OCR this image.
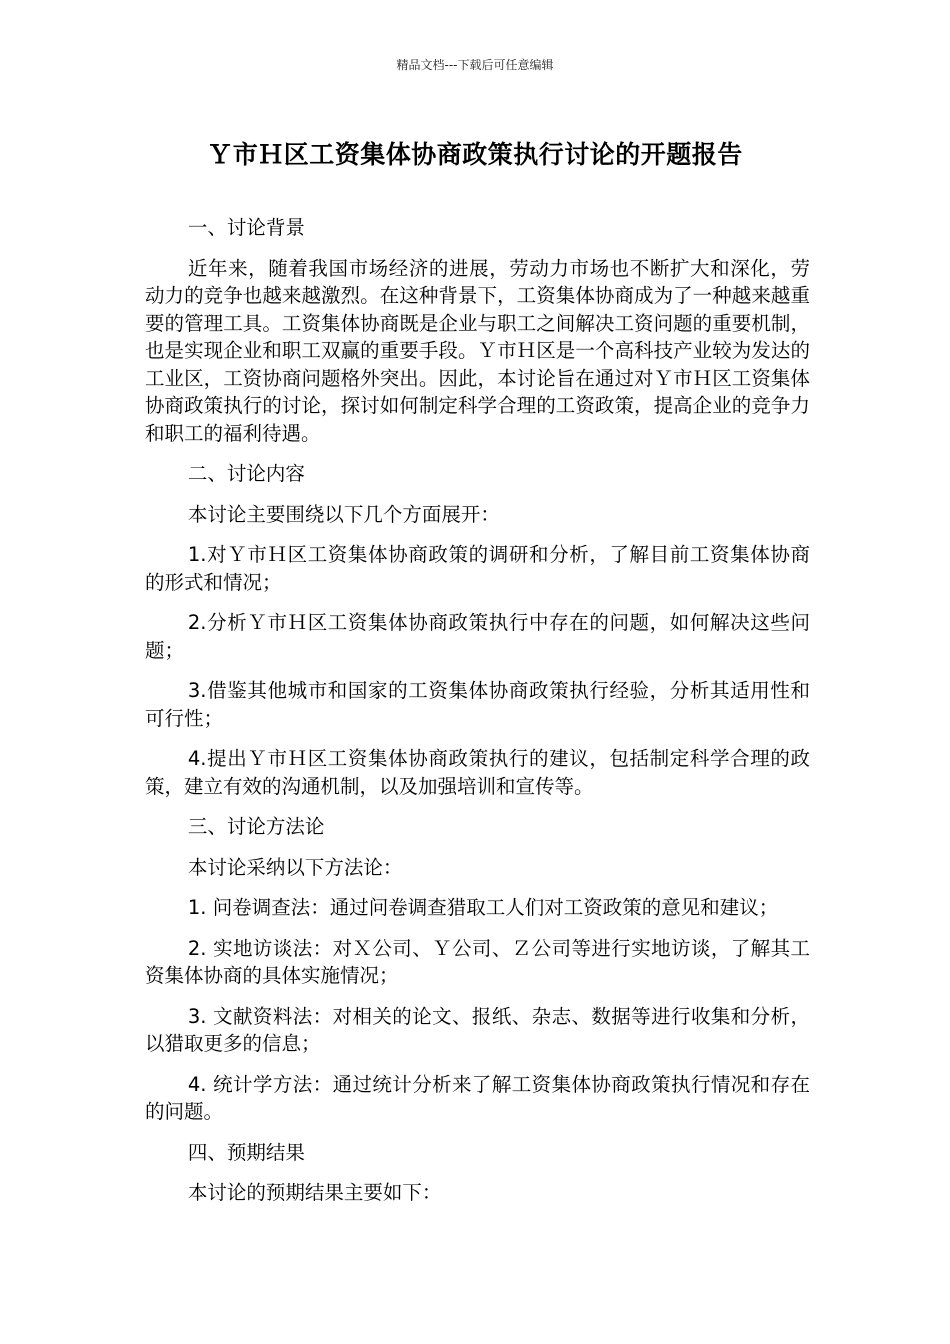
精品文档---下载后可任意编辑
Ｙ市Ｈ区工资集体协商政策执行讨论的开题报告

一、讨论背景

近年来，随着我国市场经济的进展，劳动力市场也不断扩大和深化，劳动力的竞争也越来越激烈。在这种背景下，工资集体协商成为了一种越来越重要的管理工具。工资集体协商既是企业与职工之间解决工资问题的重要机制，也是实现企业和职工双赢的重要手段。Ｙ市Ｈ区是一个高科技产业较为发达的工业区，工资协商问题格外突出。因此，本讨论旨在通过对Ｙ市Ｈ区工资集体协商政策执行的讨论，探讨如何制定科学合理的工资政策，提高企业的竞争力和职工的福利待遇。

二、讨论内容

本讨论主要围绕以下几个方面展开：

1.对Ｙ市Ｈ区工资集体协商政策的调研和分析，了解目前工资集体协商的形式和情况；

2.分析Ｙ市Ｈ区工资集体协商政策执行中存在的问题，如何解决这些问题；

3.借鉴其他城市和国家的工资集体协商政策执行经验，分析其适用性和可行性；

4.提出Ｙ市Ｈ区工资集体协商政策执行的建议，包括制定科学合理的政策，建立有效的沟通机制，以及加强培训和宣传等。

三、讨论方法论

本讨论采纳以下方法论：

1. 问卷调查法：通过问卷调查猎取工人们对工资政策的意见和建议；

2. 实地访谈法：对Ｘ公司、Ｙ公司、Ｚ公司等进行实地访谈，了解其工资集体协商的具体实施情况；

3. 文献资料法：对相关的论文、报纸、杂志、数据等进行收集和分析，以猎取更多的信息；

4. 统计学方法：通过统计分析来了解工资集体协商政策执行情况和存在的问题。

四、预期结果

本讨论的预期结果主要如下：
